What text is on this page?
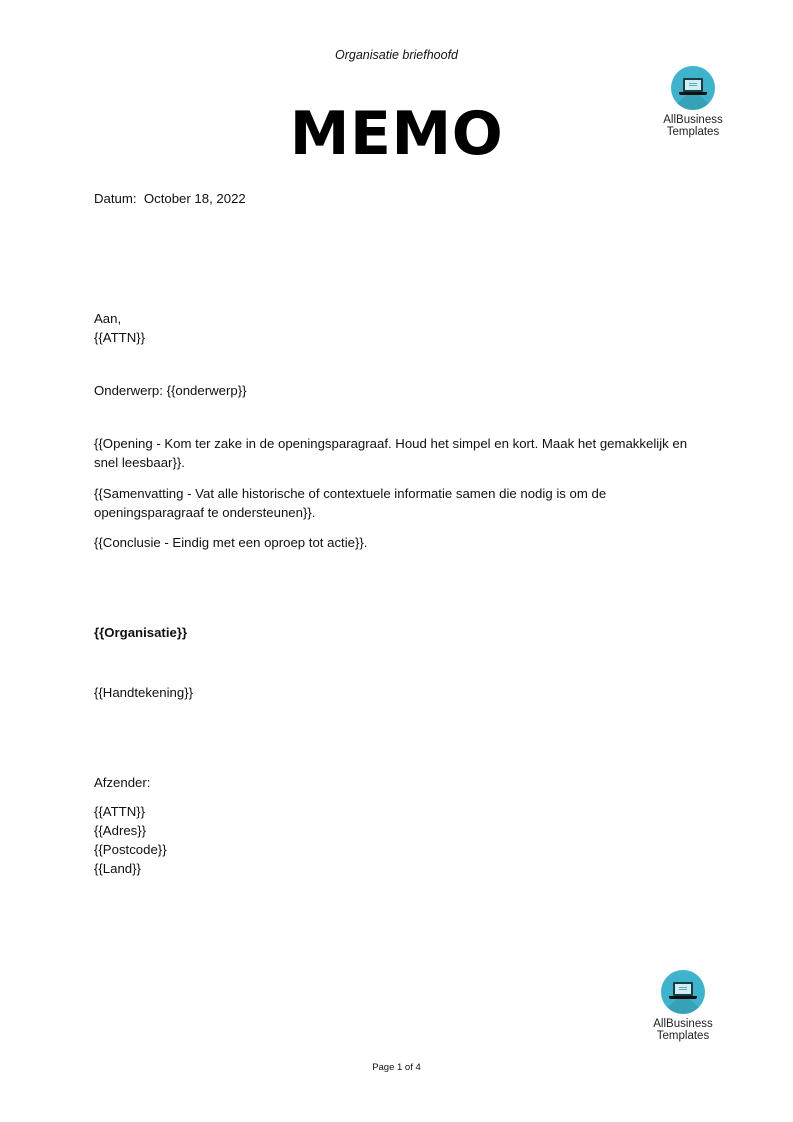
Organisatie briefhoofd
MEMO	AllBusiness
Templates
Datum: October 18, 2022
Aan,
{{ATTN}}
Onderwerp: {{onderwerp}}
{{Opening - Kom ter zake in de openingsparagraaf. Houd het simpel en kort. Maak het gemakkelijk en snel leesbaar}}.
{{Samenvatting - Vat alle historische of contextuele informatie samen die nodig is om de openingsparagraaf te ondersteunen}}.
{{Conclusie - Eindig met een oproep tot actie}}.
{{Organisatie}}
{{Handtekening}}
Afzender:
{{ATTN}}
{{Adres}}
{{Postcode}}
{{Land}}
AllBusiness
Templates
Page 1 of 4
